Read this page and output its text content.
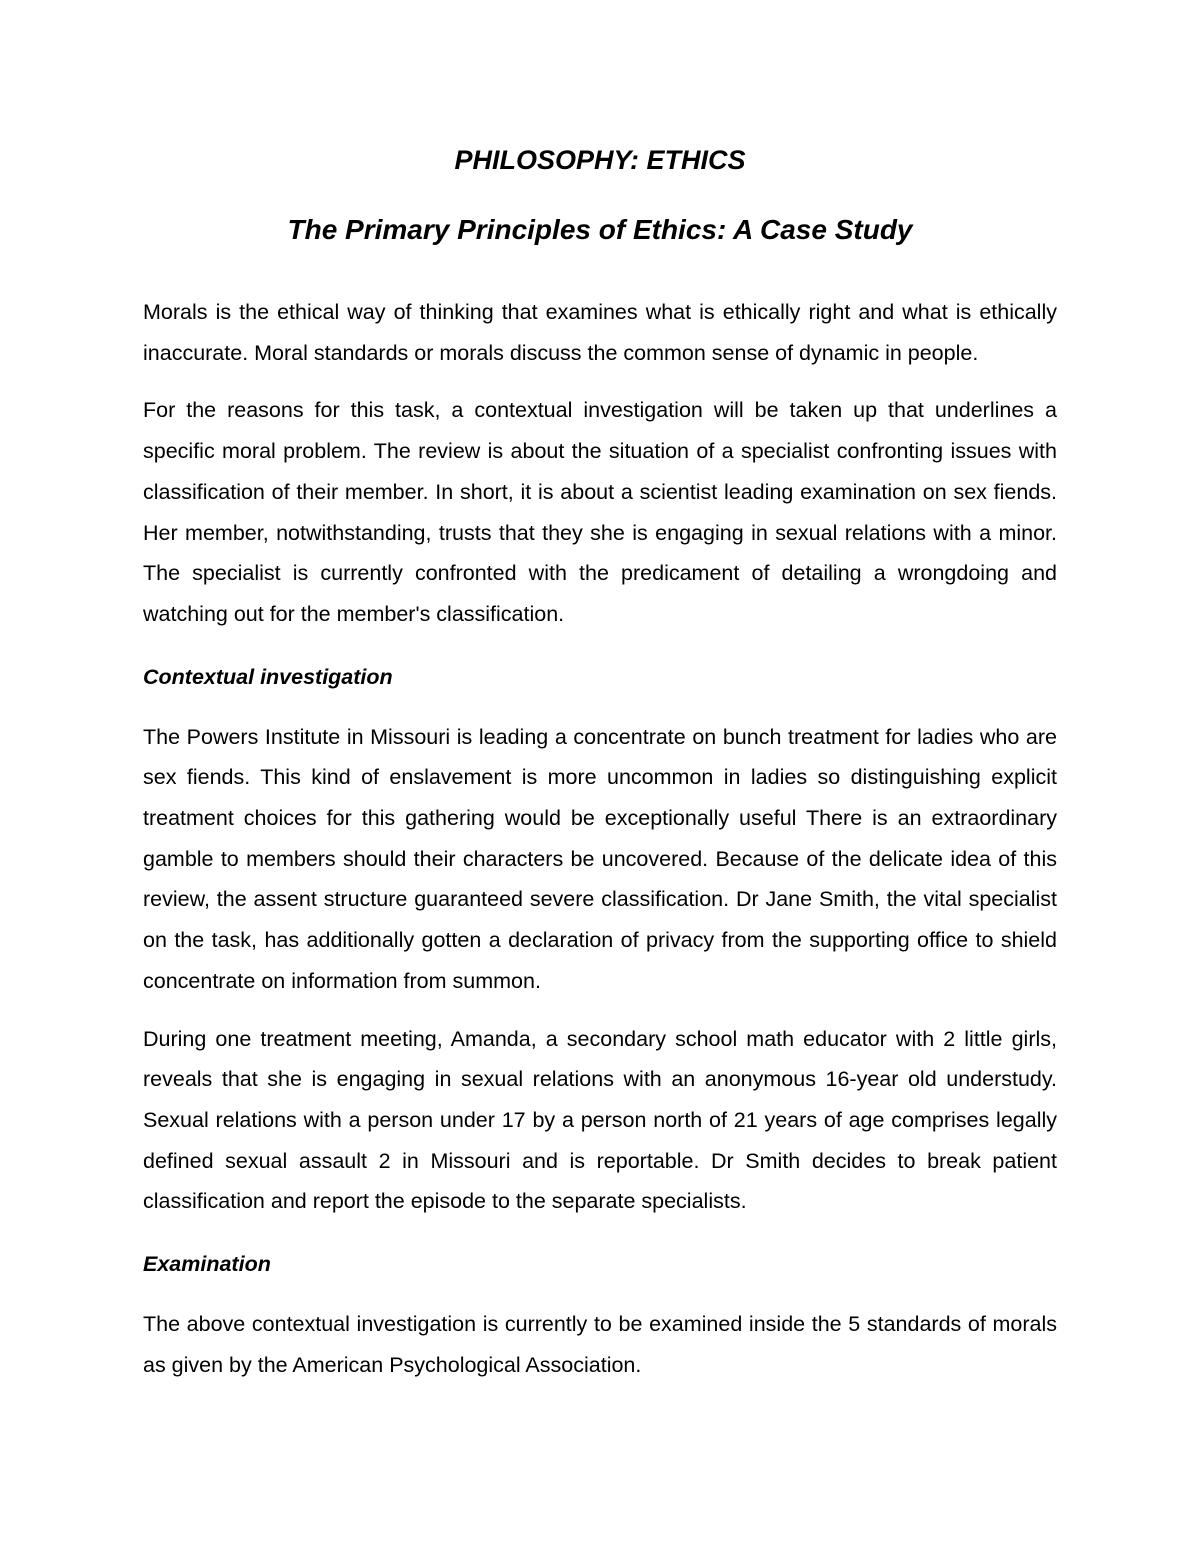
PHILOSOPHY: ETHICS
The Primary Principles of Ethics: A Case Study

Morals is the ethical way of thinking that examines what is ethically right and what is ethically inaccurate. Moral standards or morals discuss the common sense of dynamic in people.

For the reasons for this task, a contextual investigation will be taken up that underlines a specific moral problem. The review is about the situation of a specialist confronting issues with classification of their member. In short, it is about a scientist leading examination on sex fiends. Her member, notwithstanding, trusts that they she is engaging in sexual relations with a minor. The specialist is currently confronted with the predicament of detailing a wrongdoing and watching out for the member's classification.

Contextual investigation

The Powers Institute in Missouri is leading a concentrate on bunch treatment for ladies who are sex fiends. This kind of enslavement is more uncommon in ladies so distinguishing explicit treatment choices for this gathering would be exceptionally useful There is an extraordinary gamble to members should their characters be uncovered. Because of the delicate idea of this review, the assent structure guaranteed severe classification. Dr Jane Smith, the vital specialist on the task, has additionally gotten a declaration of privacy from the supporting office to shield concentrate on information from summon.

During one treatment meeting, Amanda, a secondary school math educator with 2 little girls, reveals that she is engaging in sexual relations with an anonymous 16-year old understudy. Sexual relations with a person under 17 by a person north of 21 years of age comprises legally defined sexual assault 2 in Missouri and is reportable. Dr Smith decides to break patient classification and report the episode to the separate specialists.

Examination

The above contextual investigation is currently to be examined inside the 5 standards of morals as given by the American Psychological Association.
